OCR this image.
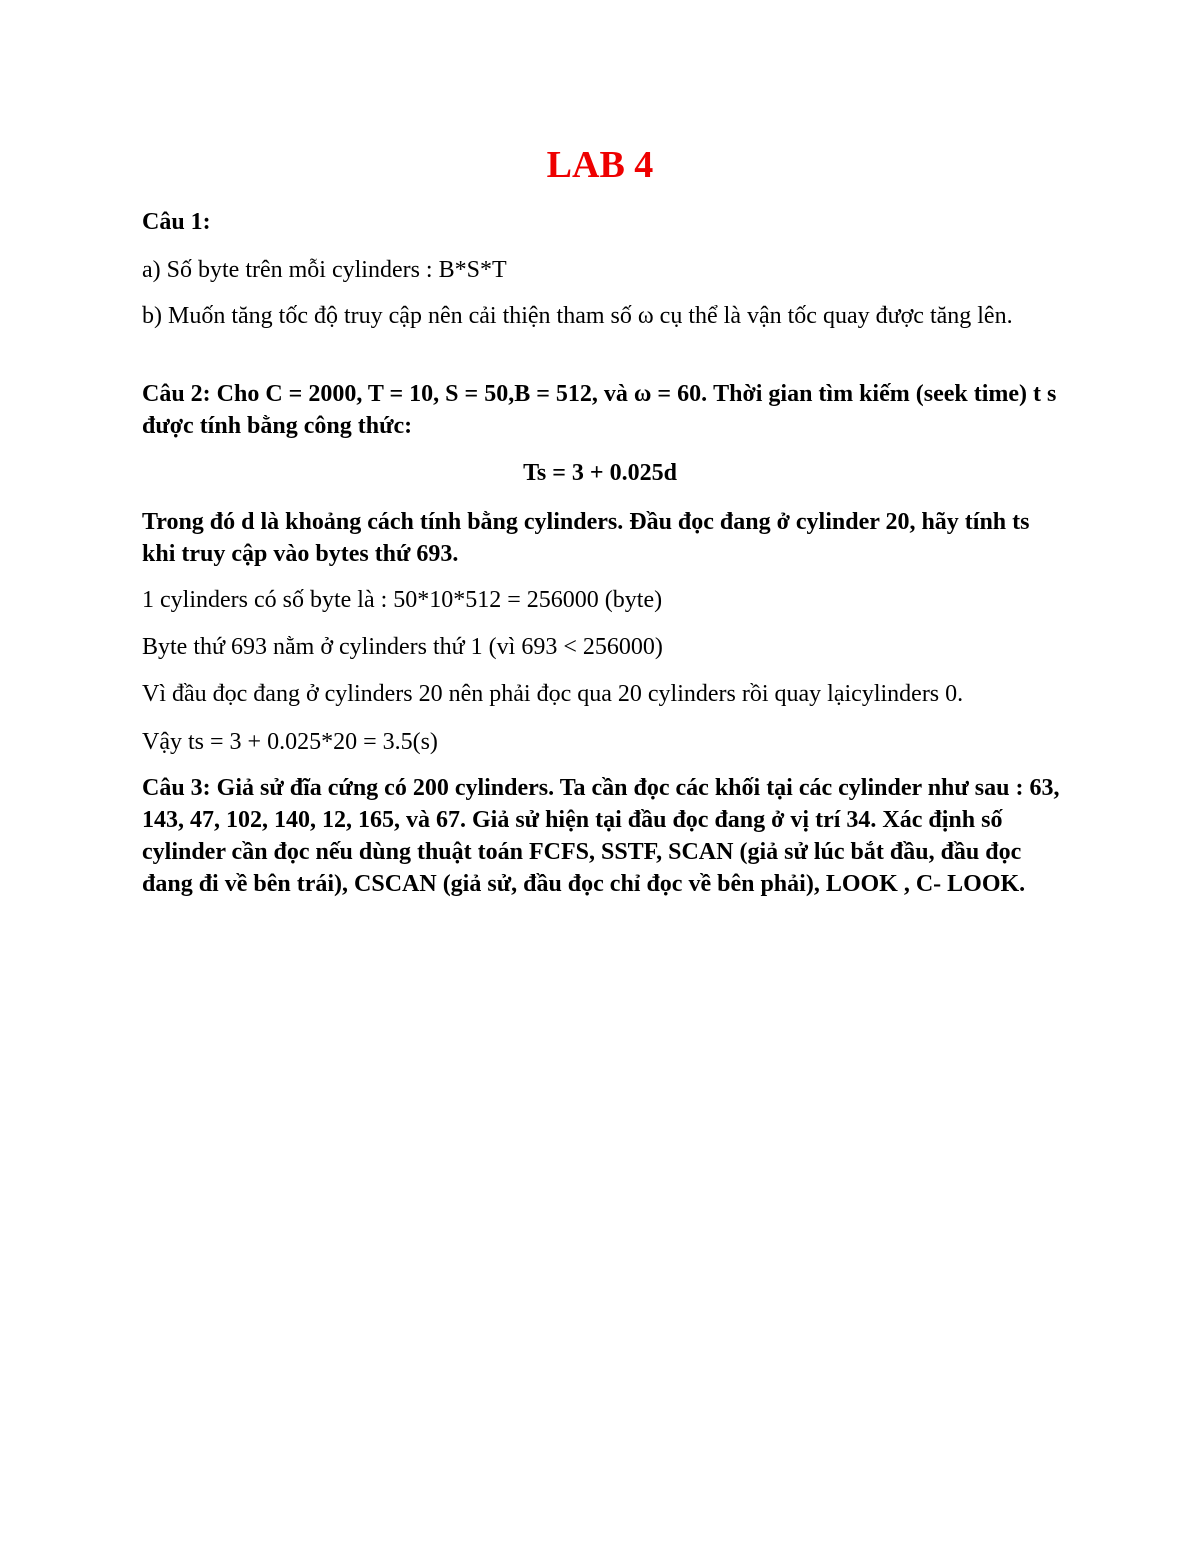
LAB 4

Câu 1:

a) Số byte trên mỗi cylinders : B*S*T

b) Muốn tăng tốc độ truy cập nên cải thiện tham số ω cụ thể là vận tốc quay được tăng lên.

Câu 2: Cho C = 2000, T = 10, S = 50,B = 512, và ω = 60. Thời gian tìm kiếm (seek time) t s được tính bằng công thức:

Ts = 3 + 0.025d

Trong đó d là khoảng cách tính bằng cylinders. Đầu đọc đang ở cylinder 20, hãy tính ts khi truy cập vào bytes thứ 693.

1 cylinders có số byte là : 50*10*512 = 256000 (byte)

Byte thứ 693 nằm ở cylinders thứ 1 (vì 693 < 256000)

Vì đầu đọc đang ở cylinders 20 nên phải đọc qua 20 cylinders rồi quay lạicylinders 0.

Vậy ts = 3 + 0.025*20 = 3.5(s)

Câu 3: Giả sử đĩa cứng có 200 cylinders. Ta cần đọc các khối tại các cylinder như sau : 63, 143, 47, 102, 140, 12, 165, và 67. Giả sử hiện tại đầu đọc đang ở vị trí 34. Xác định số cylinder cần đọc nếu dùng thuật toán FCFS, SSTF, SCAN (giả sử lúc bắt đầu, đầu đọc đang đi về bên trái), CSCAN (giả sử, đầu đọc chỉ đọc về bên phải), LOOK , C- LOOK.
